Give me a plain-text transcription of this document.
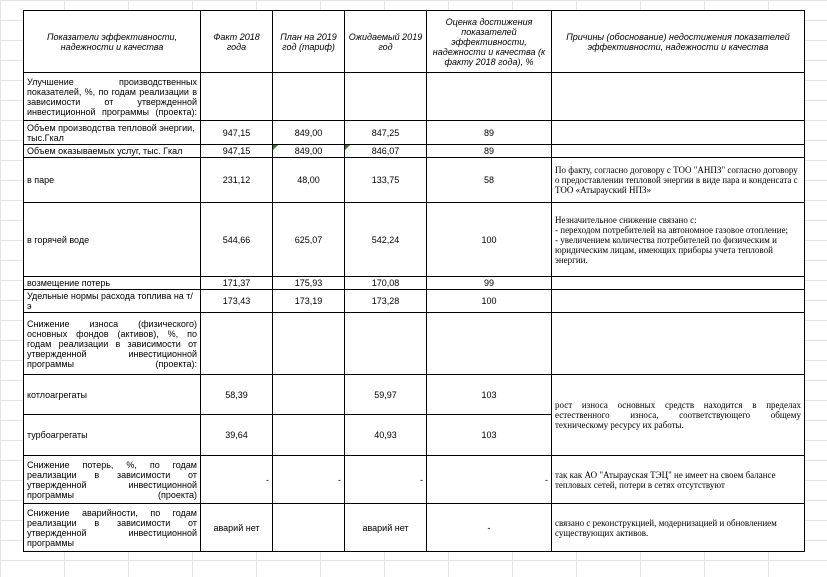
Показатели эффективности, надежности и качества	Факт 2018 года	План на 2019 год (тариф)	Ожидаемый 2019 год	Оценка достижения показателей эффективности, надежности и качества (к факту 2018 года), %	Причины (обоснование) недостижения показателей эффективности, надежности и качества
Улучшение производственных показателей, %, по годам реализации в зависимости от утвержденной инвестиционной программы (проекта):					
Объем производства тепловой энергии, тыс.Гкал	947,15	849,00	847,25	89	
Объем оказываемых услуг, тыс. Гкал	947,15	849,00	846,07	89	
в паре	231,12	48,00	133,75	58	По факту, согласно договору с ТОО "АНПЗ" согласно договору о предоставлении тепловой энергии в виде пара и конденсата с ТОО «Атырауский НПЗ»
в горячей воде	544,66	625,07	542,24	100	Незначительное снижение связано с:
- переходом потребителей на автономное газовое отопление;
- увеличением количества потребителей по физическим и юридическим лицам, имеющих приборы учета тепловой энергии.

возмещение потерь	171,37	175,93	170,08	99	
Удельные нормы расхода топлива на т/э	173,43	173,19	173,28	100	
Снижение износа (физического) основных фондов (активов), %, по годам реализации в зависимости от утвержденной инвестиционной программы (проекта):					
котлоагрегаты	58,39		59,97	103	рост износа основных средств находится в пределах естественного износа, соответствующего общему техническому ресурсу их работы.
турбоагрегаты	39,64		40,93	103	
Снижение потерь, %, по годам реализации в зависимости от утвержденной инвестиционной программы (проекта)	-	-	-	-	так как АО "Атырауская ТЭЦ" не имеет на своем балансе тепловых сетей, потери в сетях отсутствуют
Снижение аварийности, по годам реализации в зависимости от утвержденной инвестиционной программы	аварий нет		аварий нет	-	связано с реконструкцией, модернизацией и обновлением существующих активов.
